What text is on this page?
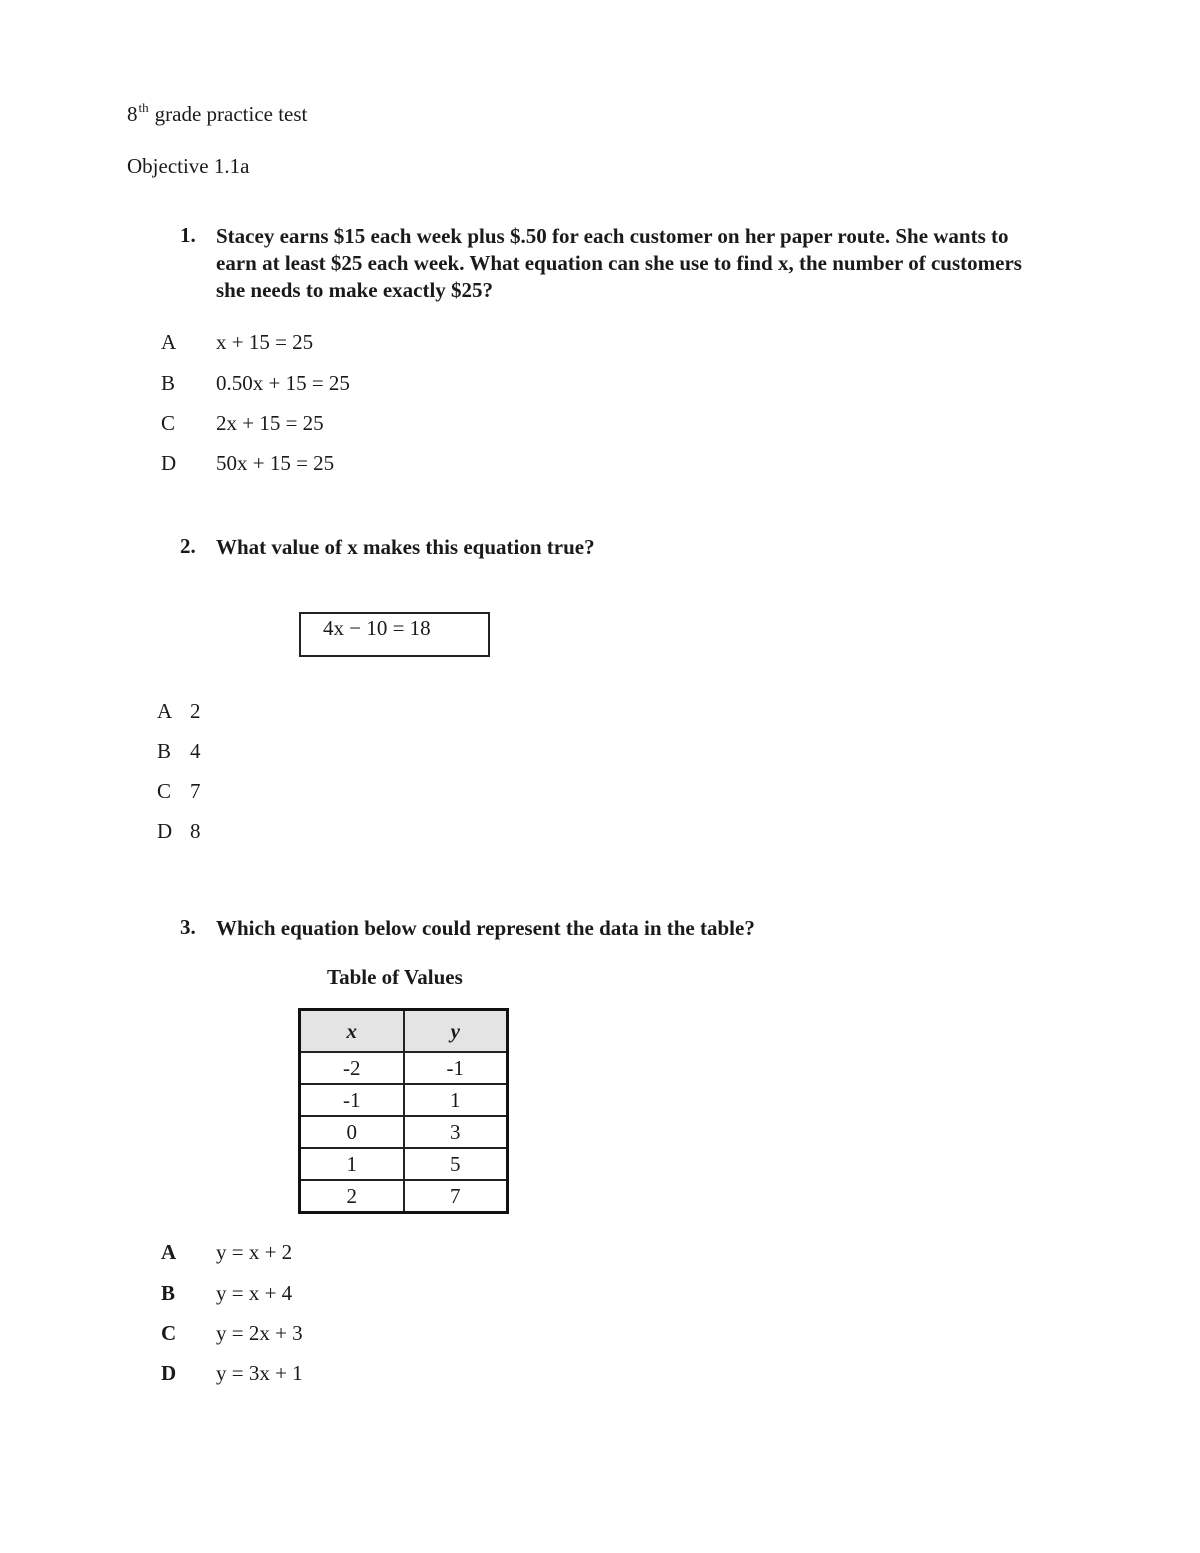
8th grade practice test
Objective 1.1a
1. Stacey earns $15 each week plus $.50 for each customer on her paper route. She wants to earn at least $25 each week. What equation can she use to find x, the number of customers she needs to make exactly $25?
A x + 15 = 25
B 0.50x + 15 = 25
C 2x + 15 = 25
D 50x + 15 = 25
2. What value of x makes this equation true?
4x − 10 = 18
A 2
B 4
C 7
D 8
3. Which equation below could represent the data in the table?
Table of Values
x	y
-2	-1
-1	1
0	3
1	5
2	7
A y = x + 2
B y = x + 4
C y = 2x + 3
D y = 3x + 1
